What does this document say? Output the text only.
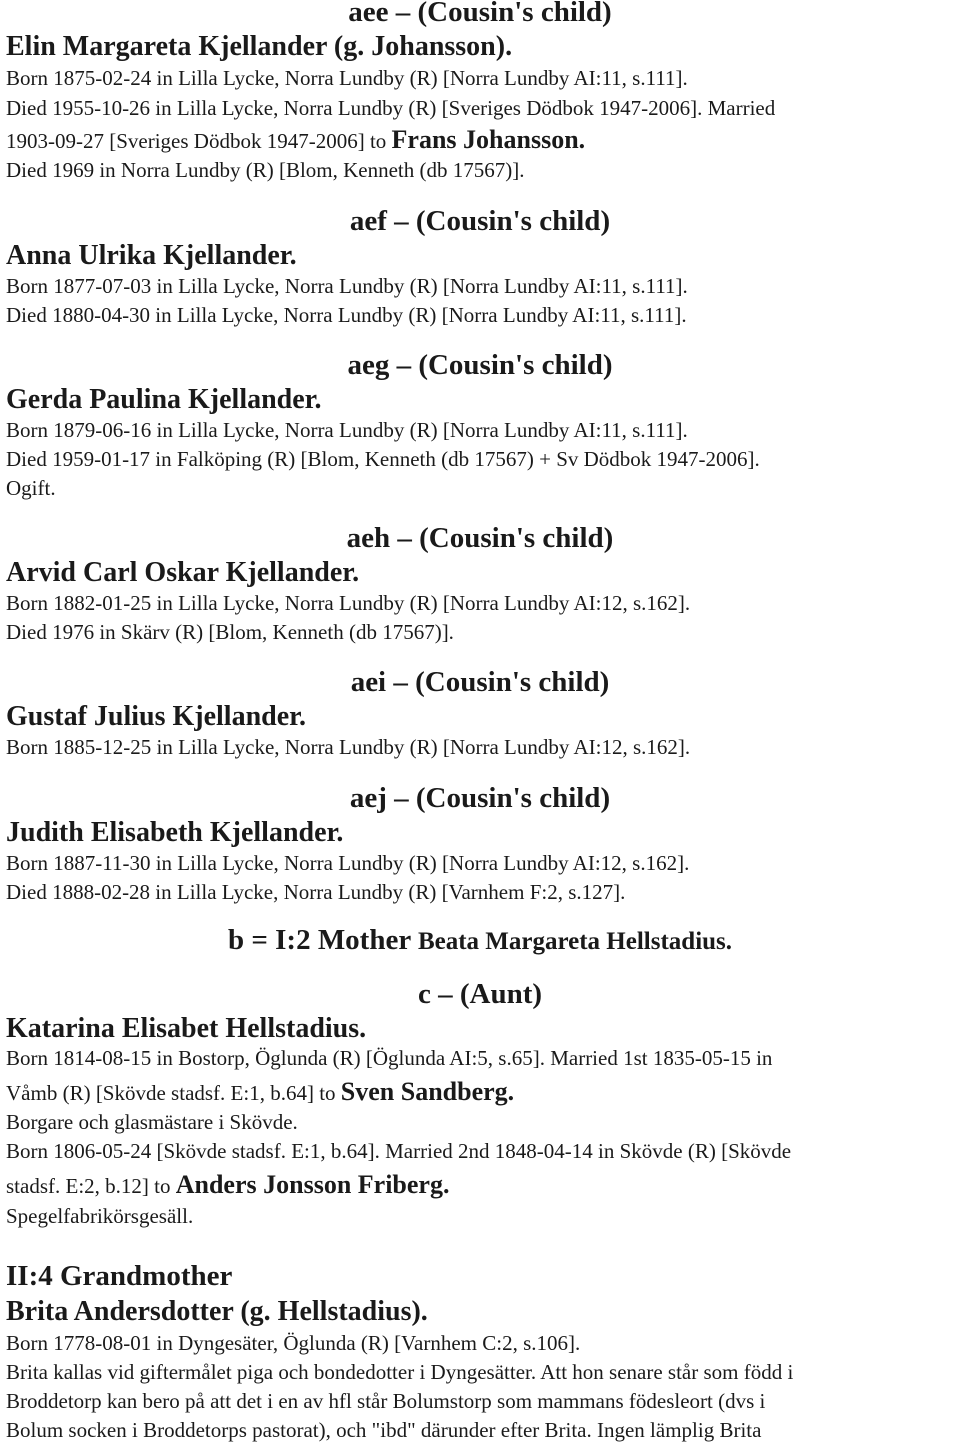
aee – (Cousin's child)
Elin Margareta Kjellander (g. Johansson).
Born 1875-02-24 in Lilla Lycke, Norra Lundby (R) [Norra Lundby AI:11, s.111].
Died 1955-10-26 in Lilla Lycke, Norra Lundby (R) [Sveriges Dödbok 1947-2006]. Married
1903-09-27 [Sveriges Dödbok 1947-2006] to Frans Johansson.
Died 1969 in Norra Lundby (R) [Blom, Kenneth (db 17567)].
aef – (Cousin's child)
Anna Ulrika Kjellander.
Born 1877-07-03 in Lilla Lycke, Norra Lundby (R) [Norra Lundby AI:11, s.111].
Died 1880-04-30 in Lilla Lycke, Norra Lundby (R) [Norra Lundby AI:11, s.111].
aeg – (Cousin's child)
Gerda Paulina Kjellander.
Born 1879-06-16 in Lilla Lycke, Norra Lundby (R) [Norra Lundby AI:11, s.111].
Died 1959-01-17 in Falköping (R) [Blom, Kenneth (db 17567) + Sv Dödbok 1947-2006].
Ogift.
aeh – (Cousin's child)
Arvid Carl Oskar Kjellander.
Born 1882-01-25 in Lilla Lycke, Norra Lundby (R) [Norra Lundby AI:12, s.162].
Died 1976 in Skärv (R) [Blom, Kenneth (db 17567)].
aei – (Cousin's child)
Gustaf Julius Kjellander.
Born 1885-12-25 in Lilla Lycke, Norra Lundby (R) [Norra Lundby AI:12, s.162].
aej – (Cousin's child)
Judith Elisabeth Kjellander.
Born 1887-11-30 in Lilla Lycke, Norra Lundby (R) [Norra Lundby AI:12, s.162].
Died 1888-02-28 in Lilla Lycke, Norra Lundby (R) [Varnhem F:2, s.127].
b = I:2 Mother Beata Margareta Hellstadius.
c – (Aunt)
Katarina Elisabet Hellstadius.
Born 1814-08-15 in Bostorp, Öglunda (R) [Öglunda AI:5, s.65]. Married 1st 1835-05-15 in
Våmb (R) [Skövde stadsf. E:1, b.64] to Sven Sandberg.
Borgare och glasmästare i Skövde.
Born 1806-05-24 [Skövde stadsf. E:1, b.64]. Married 2nd 1848-04-14 in Skövde (R) [Skövde
stadsf. E:2, b.12] to Anders Jonsson Friberg.
Spegelfabrikörsgesäll.
II:4 Grandmother
Brita Andersdotter (g. Hellstadius).
Born 1778-08-01 in Dyngesäter, Öglunda (R) [Varnhem C:2, s.106].
Brita kallas vid giftermålet piga och bondedotter i Dyngesätter. Att hon senare står som född i
Broddetorp kan bero på att det i en av hfl står Bolumstorp som mammans födesleort (dvs i
Bolum socken i Broddetorps pastorat), och "ibd" därunder efter Brita. Ingen lämplig Brita
